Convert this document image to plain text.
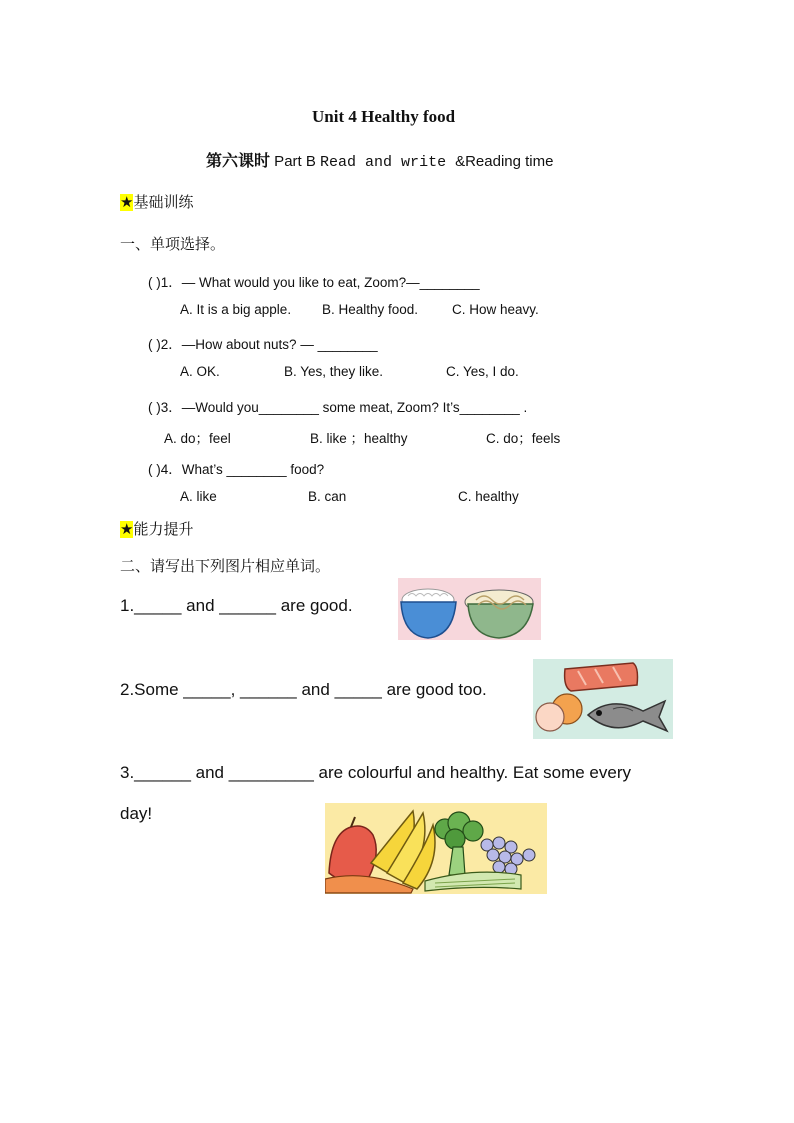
Unit 4 Healthy food
第六课时 Part B Read and write &Reading time
★基础训练
一、单项选择。
( )1．— What would you like to eat, Zoom?—________
A. It is a big apple. B. Healthy food.	C. How heavy.
( )2．—How about nuts? — ________
A. OK.	B. Yes, they like.	C. Yes, I do.
( )3．—Would you________ some meat, Zoom? It’s________ .
A. do；feel	B. like ；healthy	C. do；feels
( )4．What’s ________ food?
A. like	B. can	C. healthy
★能力提升
二、请写出下列图片相应单词。
1._____ and ______ are good.
2.Some _____, ______ and _____ are good too.
3.______ and _________ are colourful and healthy. Eat some every
day!
